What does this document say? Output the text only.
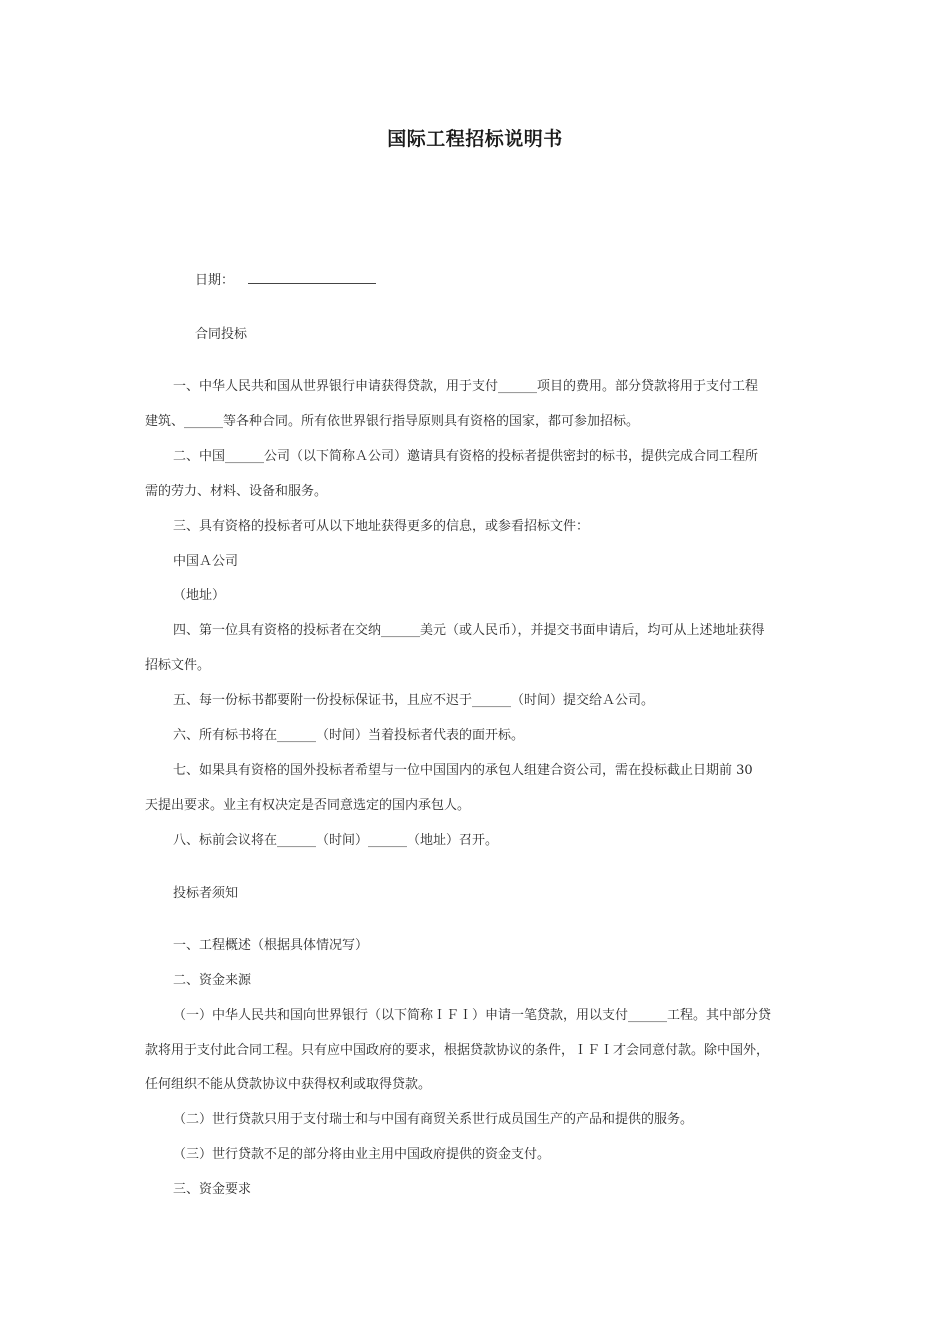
国际工程招标说明书
日期：
合同投标
一、中华人民共和国从世界银行申请获得贷款，用于支付______项目的费用。部分贷款将用于支付工程
建筑、______等各种合同。所有依世界银行指导原则具有资格的国家，都可参加招标。
二、中国______公司（以下简称Ａ公司）邀请具有资格的投标者提供密封的标书，提供完成合同工程所
需的劳力、材料、设备和服务。
三、具有资格的投标者可从以下地址获得更多的信息，或参看招标文件：
中国Ａ公司
（地址）
四、第一位具有资格的投标者在交纳______美元（或人民币），并提交书面申请后，均可从上述地址获得
招标文件。
五、每一份标书都要附一份投标保证书，且应不迟于______（时间）提交给Ａ公司。
六、所有标书将在______（时间）当着投标者代表的面开标。
七、如果具有资格的国外投标者希望与一位中国国内的承包人组建合资公司，需在投标截止日期前 30
天提出要求。业主有权决定是否同意选定的国内承包人。
八、标前会议将在______（时间）______（地址）召开。
投标者须知
一、工程概述（根据具体情况写）
二、资金来源
（一）中华人民共和国向世界银行（以下简称ＩＦＩ）申请一笔贷款，用以支付______工程。其中部分贷
款将用于支付此合同工程。只有应中国政府的要求，根据贷款协议的条件，ＩＦＩ才会同意付款。除中国外，
任何组织不能从贷款协议中获得权利或取得贷款。
（二）世行贷款只用于支付瑞士和与中国有商贸关系世行成员国生产的产品和提供的服务。
（三）世行贷款不足的部分将由业主用中国政府提供的资金支付。
三、资金要求
